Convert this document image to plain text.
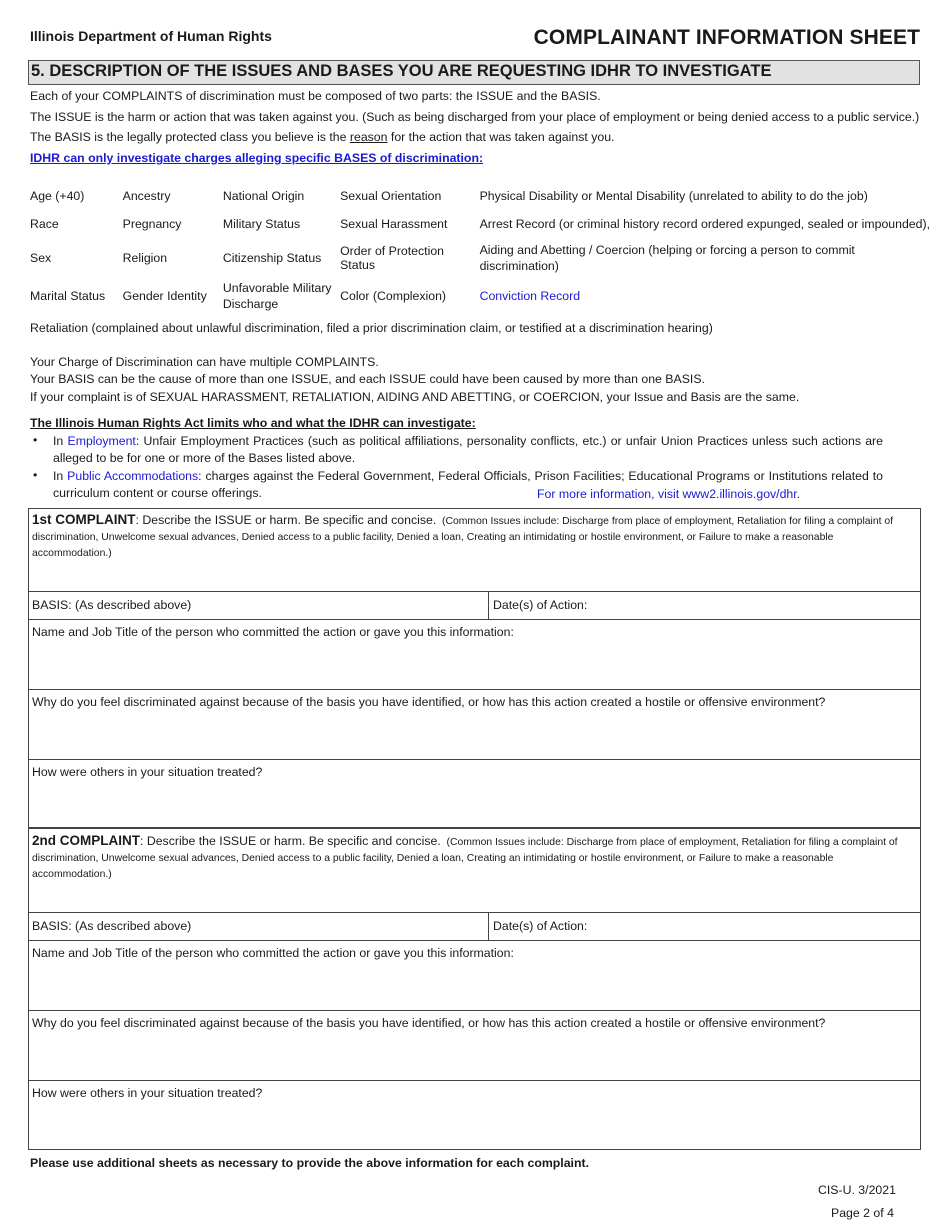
Illinois Department of Human Rights	COMPLAINANT INFORMATION SHEET
5. DESCRIPTION OF THE ISSUES AND BASES YOU ARE REQUESTING IDHR TO INVESTIGATE
Each of your COMPLAINTS of discrimination must be composed of two parts: the ISSUE and the BASIS.
The ISSUE is the harm or action that was taken against you. (Such as being discharged from your place of employment or being denied access to a public service.)
The BASIS is the legally protected class you believe is the reason for the action that was taken against you.
IDHR can only investigate charges alleging specific BASES of discrimination:
Age (+40)	Ancestry	National Origin	Sexual Orientation	Physical Disability or Mental Disability (unrelated to ability to do the job)
Race	Pregnancy	Military Status	Sexual Harassment	Arrest Record (or criminal history record ordered expunged, sealed or impounded),
Sex	Religion	Citizenship Status	Order of Protection Status	Aiding and Abetting / Coercion (helping or forcing a person to commit discrimination)
Marital Status	Gender Identity	Unfavorable Military Discharge	Color (Complexion)	Conviction Record
Retaliation (complained about unlawful discrimination, filed a prior discrimination claim, or testified at a discrimination hearing)
Your Charge of Discrimination can have multiple COMPLAINTS.
Your BASIS can be the cause of more than one ISSUE, and each ISSUE could have been caused by more than one BASIS.
If your complaint is of SEXUAL HARASSMENT, RETALIATION, AIDING AND ABETTING, or COERCION, your Issue and Basis are the same.
The Illinois Human Rights Act limits who and what the IDHR can investigate:
• In Employment: Unfair Employment Practices (such as political affiliations, personality conflicts, etc.) or unfair Union Practices unless such actions are alleged to be for one or more of the Bases listed above.
• In Public Accommodations: charges against the Federal Government, Federal Officials, Prison Facilities; Educational Programs or Institutions related to curriculum content or course offerings.	For more information, visit www2.illinois.gov/dhr.
1st COMPLAINT: Describe the ISSUE or harm. Be specific and concise. (Common Issues include: Discharge from place of employment, Retaliation for filing a complaint of discrimination, Unwelcome sexual advances, Denied access to a public facility, Denied a loan, Creating an intimidating or hostile environment, or Failure to make a reasonable accommodation.)
BASIS: (As described above)	Date(s) of Action:
Name and Job Title of the person who committed the action or gave you this information:
Why do you feel discriminated against because of the basis you have identified, or how has this action created a hostile or offensive environment?
How were others in your situation treated?
2nd COMPLAINT: Describe the ISSUE or harm. Be specific and concise. (Common Issues include: Discharge from place of employment, Retaliation for filing a complaint of discrimination, Unwelcome sexual advances, Denied access to a public facility, Denied a loan, Creating an intimidating or hostile environment, or Failure to make a reasonable accommodation.)
BASIS: (As described above)	Date(s) of Action:
Name and Job Title of the person who committed the action or gave you this information:
Why do you feel discriminated against because of the basis you have identified, or how has this action created a hostile or offensive environment?
How were others in your situation treated?
Please use additional sheets as necessary to provide the above information for each complaint.
CIS-U. 3/2021
Page 2 of 4
